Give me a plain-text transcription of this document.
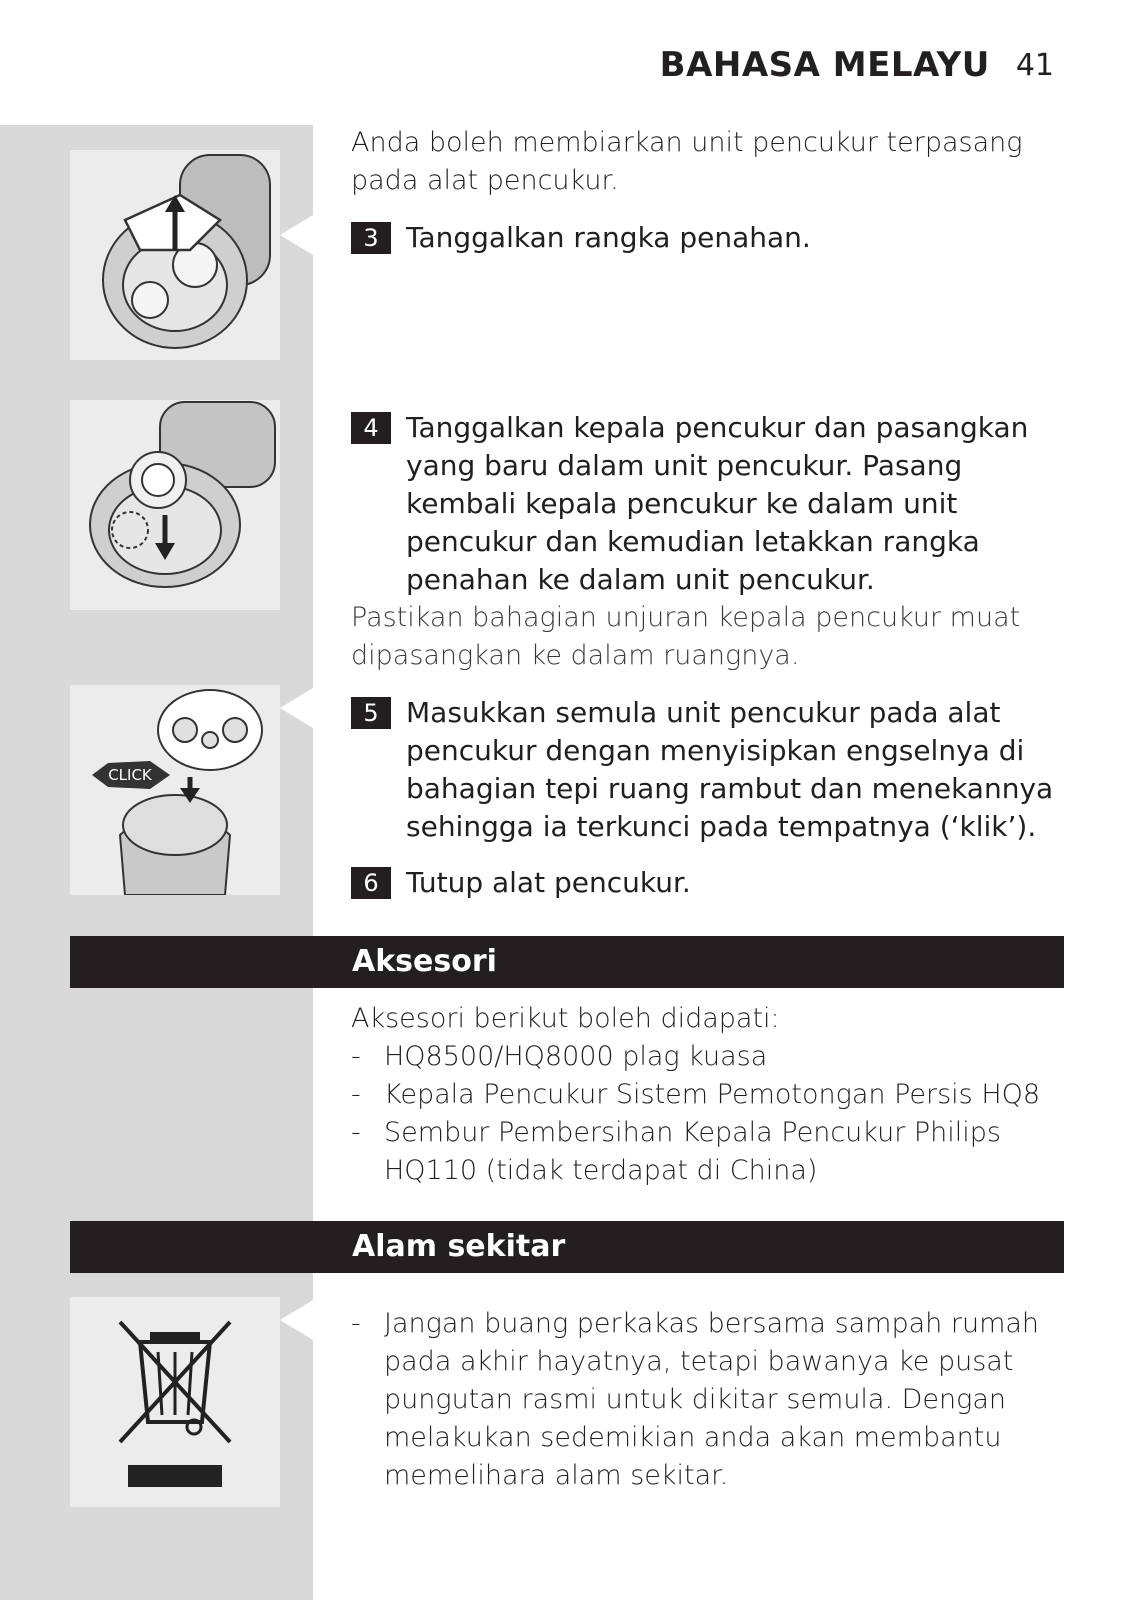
BAHASA MELAYU 41
CLICK
Anda boleh membiarkan unit pencukur terpasang pada alat pencukur.
3 Tanggalkan rangka penahan.
4 Tanggalkan kepala pencukur dan pasangkan yang baru dalam unit pencukur. Pasang kembali kepala pencukur ke dalam unit pencukur dan kemudian letakkan rangka penahan ke dalam unit pencukur.
Pastikan bahagian unjuran kepala pencukur muat dipasangkan ke dalam ruangnya.
5 Masukkan semula unit pencukur pada alat pencukur dengan menyisipkan engselnya di bahagian tepi ruang rambut dan menekannya sehingga ia terkunci pada tempatnya (‘klik’).
6 Tutup alat pencukur.
Aksesori
Aksesori berikut boleh didapati:
- HQ8500/HQ8000 plag kuasa
- Kepala Pencukur Sistem Pemotongan Persis HQ8
- Sembur Pembersihan Kepala Pencukur Philips HQ110 (tidak terdapat di China)
Alam sekitar
- Jangan buang perkakas bersama sampah rumah pada akhir hayatnya, tetapi bawanya ke pusat pungutan rasmi untuk dikitar semula. Dengan melakukan sedemikian anda akan membantu memelihara alam sekitar.
